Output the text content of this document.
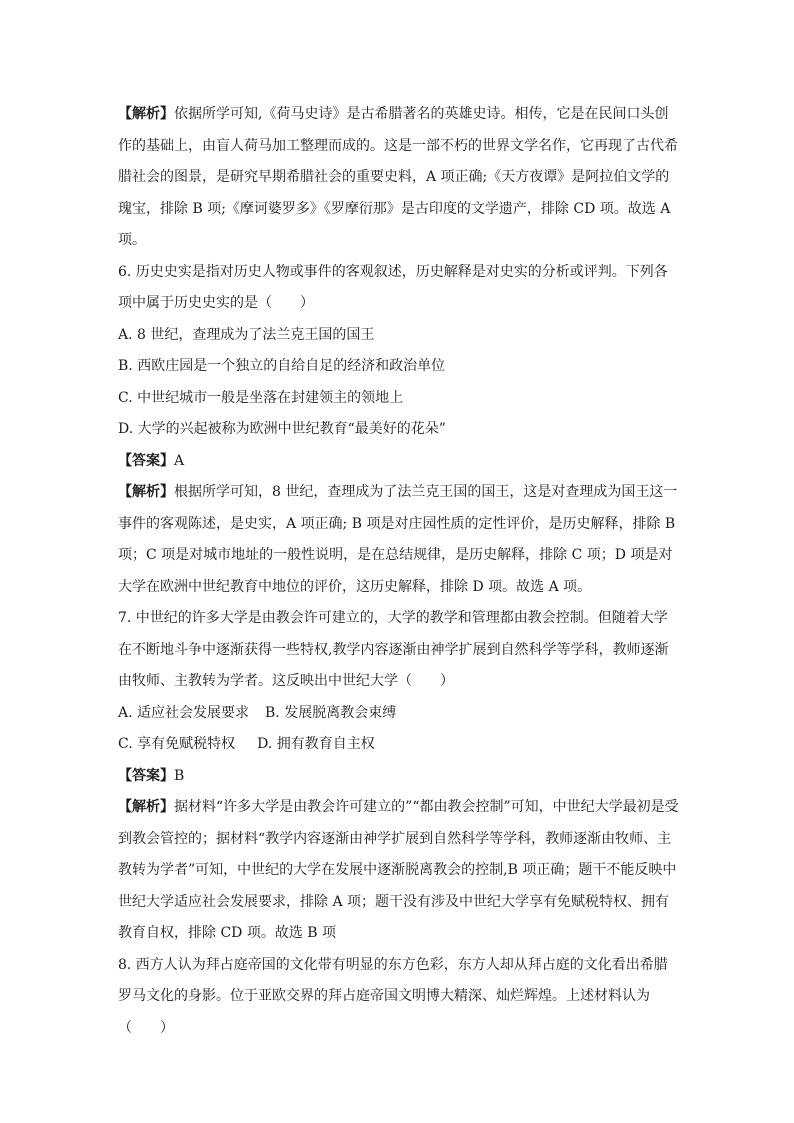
【解析】依据所学可知,《荷马史诗》是古希腊著名的英雄史诗。相传，它是在民间口头创
作的基础上，由盲人荷马加工整理而成的。这是一部不朽的世界文学名作，它再现了古代希
腊社会的图景，是研究早期希腊社会的重要史料，A 项正确;《天方夜谭》是阿拉伯文学的
瑰宝，排除 B 项;《摩诃婆罗多》《罗摩衍那》是古印度的文学遗产，排除 CD 项。故选 A
项。
6. 历史史实是指对历史人物或事件的客观叙述，历史解释是对史实的分析或评判。下列各
项中属于历史史实的是（　　）
A. 8 世纪，查理成为了法兰克王国的国王
B. 西欧庄园是一个独立的自给自足的经济和政治单位
C. 中世纪城市一般是坐落在封建领主的领地上
D. 大学的兴起被称为欧洲中世纪教育“最美好的花朵”
【答案】A
【解析】根据所学可知，8 世纪，查理成为了法兰克王国的国王，这是对查理成为国王这一
事件的客观陈述，是史实，A 项正确; B 项是对庄园性质的定性评价，是历史解释，排除 B
项；C 项是对城市地址的一般性说明，是在总结规律，是历史解释，排除 C 项；D 项是对
大学在欧洲中世纪教育中地位的评价，这历史解释，排除 D 项。故选 A 项。
7. 中世纪的许多大学是由教会许可建立的，大学的教学和管理都由教会控制。但随着大学
在不断地斗争中逐渐获得一些特权,教学内容逐渐由神学扩展到自然科学等学科，教师逐渐
由牧师、主教转为学者。这反映出中世纪大学（　　）
A. 适应社会发展要求 B. 发展脱离教会束缚
C. 享有免赋税特权 D. 拥有教育自主权
【答案】B
【解析】据材料“许多大学是由教会许可建立的”“都由教会控制”可知，中世纪大学最初是受
到教会管控的；据材料“教学内容逐渐由神学扩展到自然科学等学科，教师逐渐由牧师、主
教转为学者”可知，中世纪的大学在发展中逐渐脱离教会的控制,B 项正确；题干不能反映中
世纪大学适应社会发展要求，排除 A 项；题干没有涉及中世纪大学享有免赋税特权、拥有
教育自权，排除 CD 项。故选 B 项
8. 西方人认为拜占庭帝国的文化带有明显的东方色彩，东方人却从拜占庭的文化看出希腊
罗马文化的身影。位于亚欧交界的拜占庭帝国文明博大精深、灿烂辉煌。上述材料认为
（　　）
